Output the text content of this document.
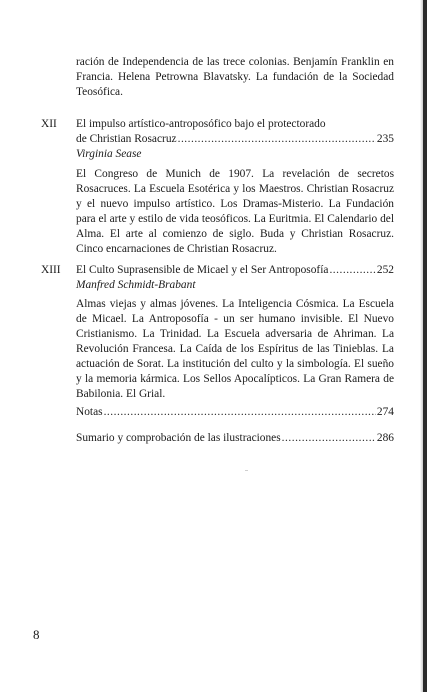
ración de Independencia de las trece colonias. Benjamín Franklin en Francia. Helena Petrowna Blavatsky. La fundación de la Sociedad Teosófica.
XII El impulso artístico-antroposófico bajo el protectorado
de Christian Rosacruz .....	235
Virginia Sease
El Congreso de Munich de 1907. La revelación de secretos Rosacruces. La Escuela Esotérica y los Maestros. Christian Rosacruz y el nuevo impulso artístico. Los Dramas-Misterio. La Fundación para el arte y estilo de vida teosóficos. La Euritmia. El Calendario del Alma. El arte al comienzo de siglo. Buda y Christian Rosacruz. Cinco encarnaciones de Christian Rosacruz.
XIII El Culto Suprasensible de Micael y el Ser Antroposofía .....	252
Manfred Schmidt-Brabant
Almas viejas y almas jóvenes. La Inteligencia Cósmica. La Escuela de Micael. La Antroposofía - un ser humano invisible. El Nuevo Cristianismo. La Trinidad. La Escuela adversaria de Ahriman. La Revolución Francesa. La Caída de los Espíritus de las Tinieblas. La actuación de Sorat. La institución del culto y la simbología. El sueño y la memoria kármica. Los Sellos Apocalípticos. La Gran Ramera de Babilonia. El Grial.
Notas .....	274
Sumario y comprobación de las ilustraciones .....	286
8
